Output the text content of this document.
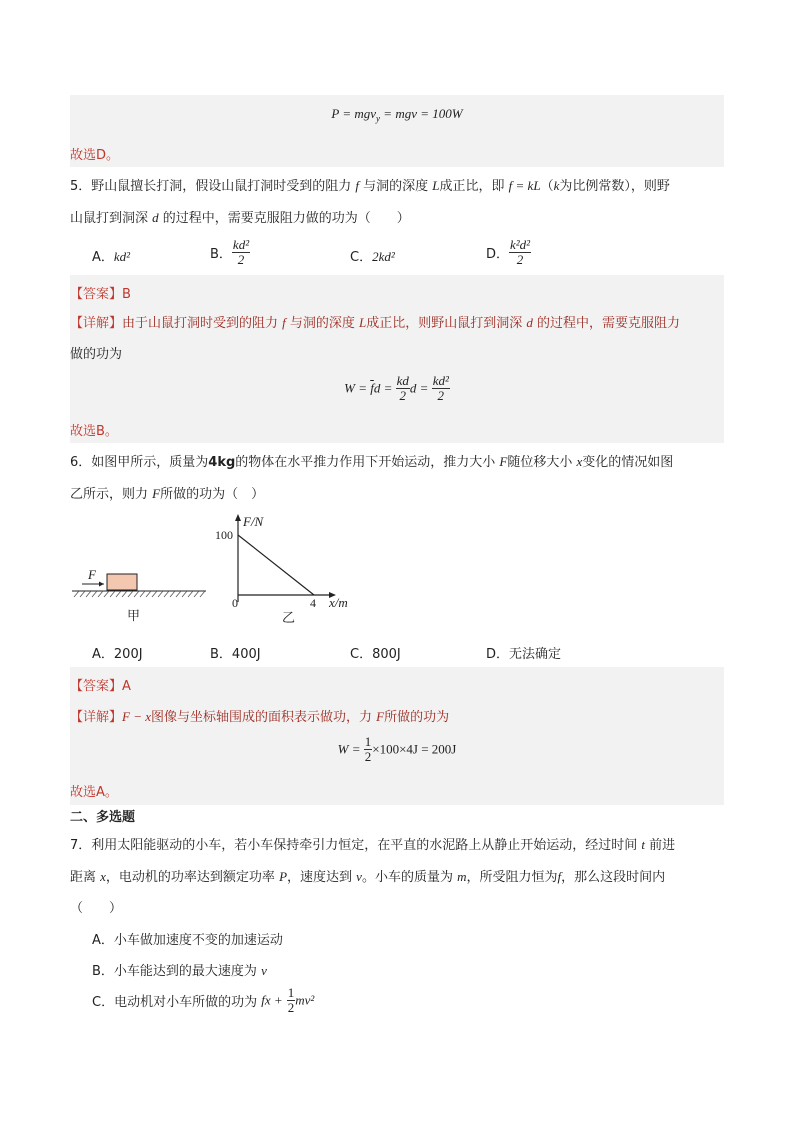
P = mgv$_y$ = mgv = 100W
故选D。
5．野山鼠擅长打洞，假设山鼠打洞时受到的阻力 f 与洞的深度 L成正比，即 f = kL（k为比例常数），则野
山鼠打到洞深 d 的过程中，需要克服阻力做的功为（　　）
A．kd²	B． $\frac{\text{kd²}}{2}$	C．2kd²	D． $\frac{\text{k²d²}}{2}$
【答案】B
【详解】由于山鼠打洞时受到的阻力 f 与洞的深度 L成正比，则野山鼠打到洞深 d 的过程中，需要克服阻力
做的功为
$W = \overline{f}d = \frac{kd}{2}$ $d = \frac{\text{kd²}}{2}$
故选B。
6．如图甲所示，质量为4kg的物体在水平推力作用下开始运动，推力大小 F随位移大小 x变化的情况如图
乙所示，则力 F所做的功为（　）
F
甲
F/N
100
0	4 x/m
乙
A．200J	B．400J	C．800J	D．无法确定
【答案】A
【详解】F − x图像与坐标轴围成的面积表示做功，力 F所做的功为
$W = \frac{1}{2} \times 100\times 4J = 200J$
故选A。
二、多选题
7．利用太阳能驱动的小车，若小车保持牵引力恒定，在平直的水泥路上从静止开始运动，经过时间 t 前进
距离 x，电动机的功率达到额定功率 P，速度达到 v。小车的质量为 m，所受阻力恒为f，那么这段时间内
（　　）
A．小车做加速度不变的加速运动
B．小车能达到的最大速度为 v
C．电动机对小车所做的功为 fx + $\frac{1}{2} mv^2$
